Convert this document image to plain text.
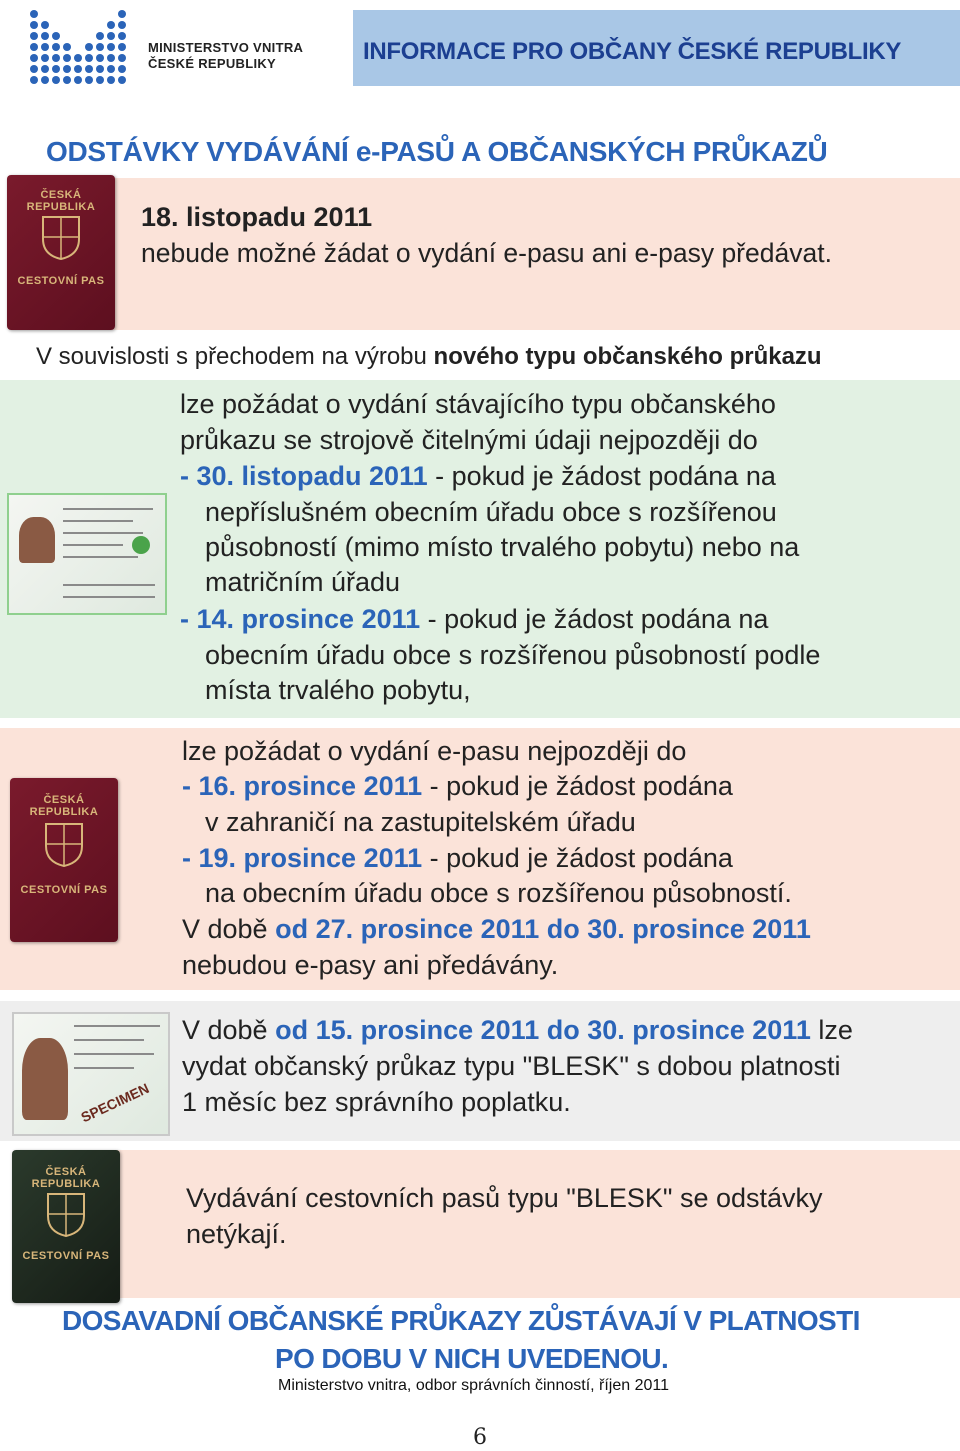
MINISTERSTVO VNITRA
ČESKÉ REPUBLIKY	INFORMACE PRO OBČANY ČESKÉ REPUBLIKY
ODSTÁVKY VYDÁVÁNÍ e-PASŮ A OBČANSKÝCH PRŮKAZŮ
ČESKÁ REPUBLIKA
CESTOVNÍ PAS
18. listopadu 2011
nebude možné žádat o vydání e-pasu ani e-pasy předávat.
V souvislosti s přechodem na výrobu nového typu občanského průkazu
lze požádat o vydání stávajícího typu občanského
průkazu se strojově čitelnými údaji nejpozději do
- 30. listopadu 2011 - pokud je žádost podána na
nepříslušném obecním úřadu obce s rozšířenou
působností (mimo místo trvalého pobytu) nebo na
matričním úřadu
- 14. prosince 2011 - pokud je žádost podána na
obecním úřadu obce s rozšířenou působností podle
místa trvalého pobytu,
ČESKÁ REPUBLIKA
CESTOVNÍ PAS
lze požádat o vydání e-pasu nejpozději do
- 16. prosince 2011 - pokud je žádost podána
v zahraničí na zastupitelském úřadu
- 19. prosince 2011 - pokud je žádost podána
na obecním úřadu obce s rozšířenou působností.
V době od 27. prosince 2011 do 30. prosince 2011
nebudou e-pasy ani předávány.
SPECIMEN
V době od 15. prosince 2011 do 30. prosince 2011 lze
vydat občanský průkaz typu "BLESK" s dobou platnosti
1 měsíc bez správního poplatku.
ČESKÁ REPUBLIKA
CESTOVNÍ PAS
Vydávání cestovních pasů typu "BLESK" se odstávky
netýkají.
DOSAVADNÍ OBČANSKÉ PRŮKAZY ZŮSTÁVAJÍ V PLATNOSTI
PO DOBU V NICH UVEDENOU.
Ministerstvo vnitra, odbor správních činností, říjen 2011
6
